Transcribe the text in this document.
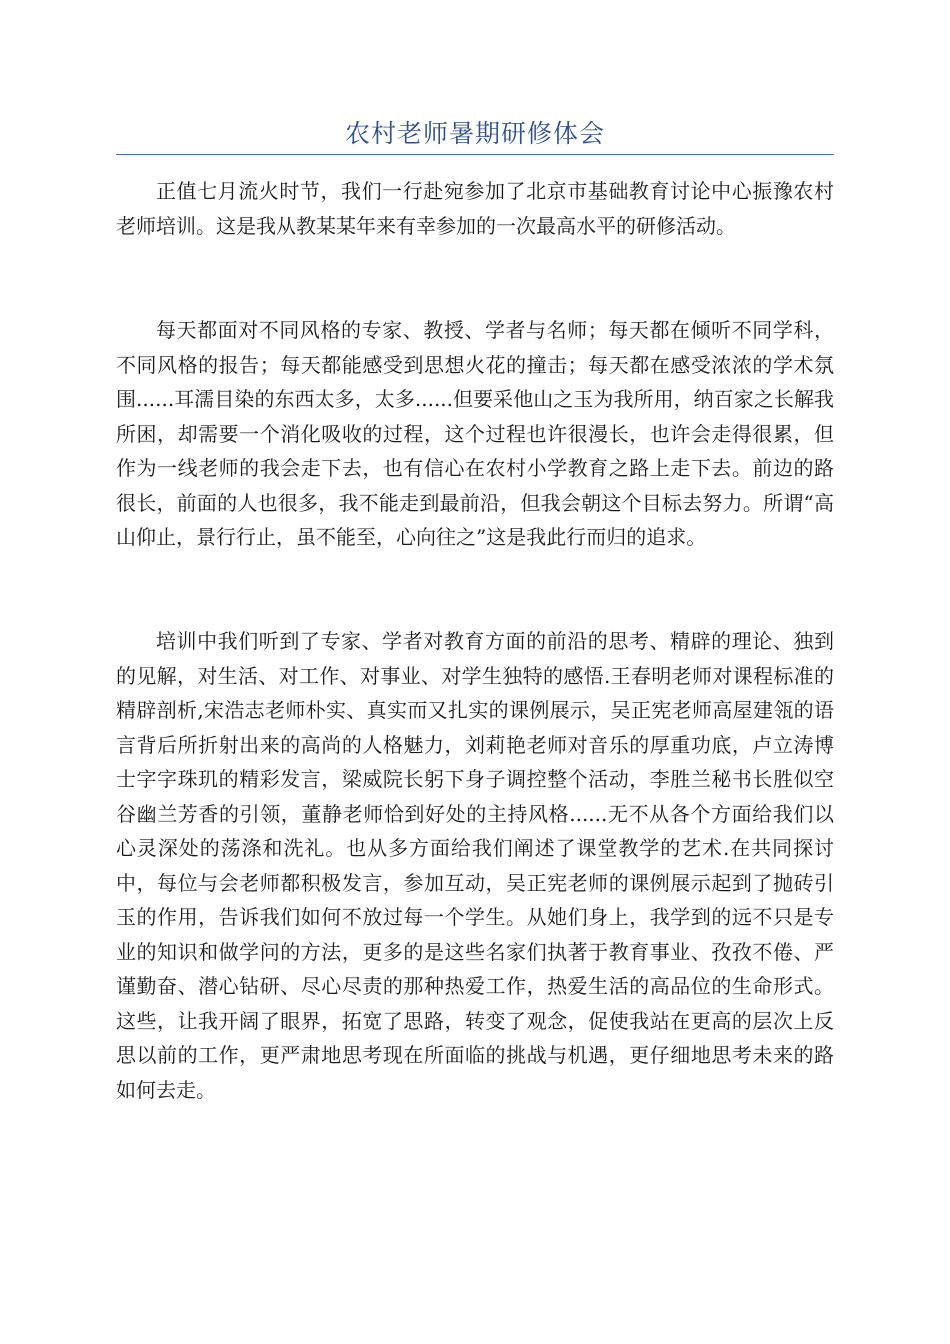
农村老师暑期研修体会

正值七月流火时节，我们一行赴宛参加了北京市基础教育讨论中心振豫农村老师培训。这是我从教某某年来有幸参加的一次最高水平的研修活动。

每天都面对不同风格的专家、教授、学者与名师；每天都在倾听不同学科，不同风格的报告；每天都能感受到思想火花的撞击；每天都在感受浓浓的学术氛围......耳濡目染的东西太多，太多......但要采他山之玉为我所用，纳百家之长解我所困，却需要一个消化吸收的过程，这个过程也许很漫长，也许会走得很累，但作为一线老师的我会走下去，也有信心在农村小学教育之路上走下去。前边的路很长，前面的人也很多，我不能走到最前沿，但我会朝这个目标去努力。所谓“高山仰止，景行行止，虽不能至，心向往之”这是我此行而归的追求。

培训中我们听到了专家、学者对教育方面的前沿的思考、精辟的理论、独到的见解，对生活、对工作、对事业、对学生独特的感悟.王春明老师对课程标准的精辟剖析,宋浩志老师朴实、真实而又扎实的课例展示，吴正宪老师高屋建瓴的语言背后所折射出来的高尚的人格魅力，刘莉艳老师对音乐的厚重功底，卢立涛博士字字珠玑的精彩发言，梁威院长躬下身子调控整个活动，李胜兰秘书长胜似空谷幽兰芳香的引领，董静老师恰到好处的主持风格......无不从各个方面给我们以心灵深处的荡涤和洗礼。也从多方面给我们阐述了课堂教学的艺术.在共同探讨中，每位与会老师都积极发言，参加互动，吴正宪老师的课例展示起到了抛砖引玉的作用，告诉我们如何不放过每一个学生。从她们身上，我学到的远不只是专业的知识和做学问的方法，更多的是这些名家们执著于教育事业、孜孜不倦、严谨勤奋、潜心钻研、尽心尽责的那种热爱工作，热爱生活的高品位的生命形式。这些，让我开阔了眼界，拓宽了思路，转变了观念，促使我站在更高的层次上反思以前的工作，更严肃地思考现在所面临的挑战与机遇，更仔细地思考未来的路如何去走。
